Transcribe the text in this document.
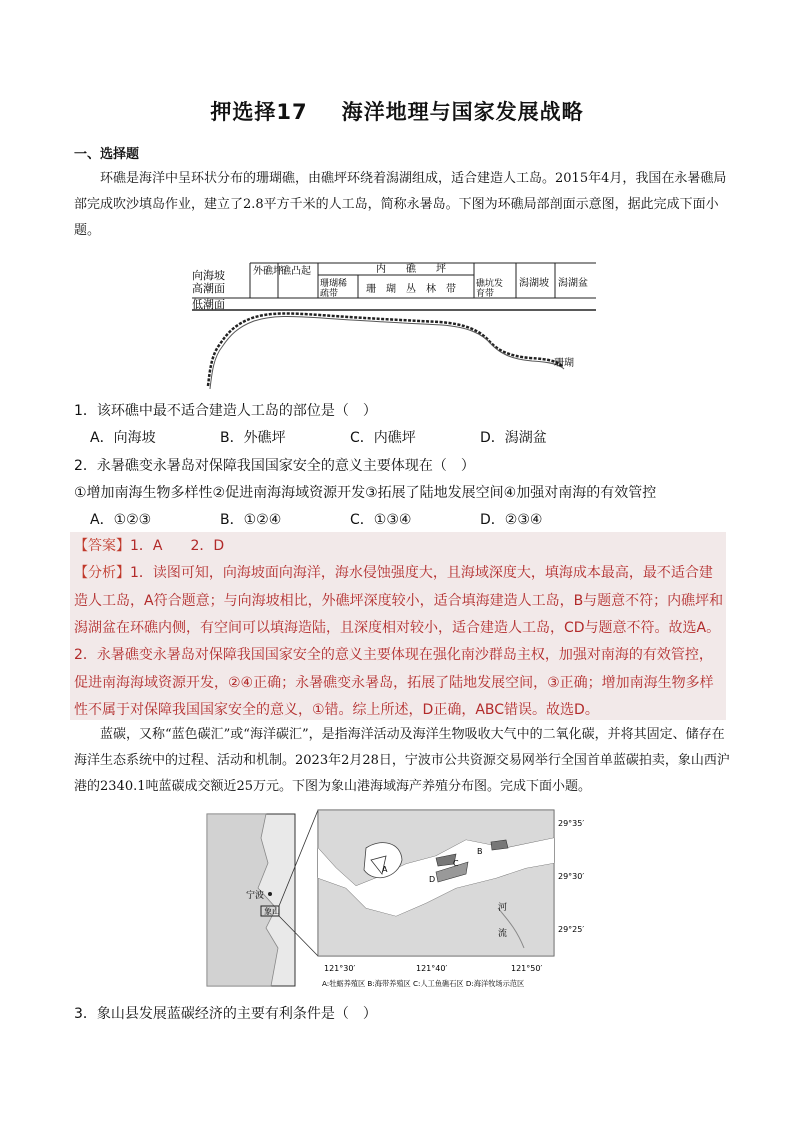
押选择17 海洋地理与国家发展战略
一、选择题
环礁是海洋中呈环状分布的珊瑚礁，由礁坪环绕着潟湖组成，适合建造人工岛。2015年4月，我国在永暑礁局部完成吹沙填岛作业，建立了2.8平方千米的人工岛，简称永暑岛。下图为环礁局部剖面示意图，据此完成下面小题。
向海坡
高潮面
低潮面
外礁坪
礁凸起	内　　礁　　坪
珊瑚稀疏带	珊　瑚　丛　林　带 礁坑发育带
潟湖坡 潟湖盆
珊瑚
1．该环礁中最不适合建造人工岛的部位是（　）
A．向海坡	B．外礁坪	C．内礁坪	D．潟湖盆
2．永暑礁变永暑岛对保障我国国家安全的意义主要体现在（　）
①增加南海生物多样性②促进南海海域资源开发③拓展了陆地发展空间④加强对南海的有效管控
A．①②③	B．①②④	C．①③④	D．②③④
【答案】1．A　　2．D
【分析】1．读图可知，向海坡面向海洋，海水侵蚀强度大，且海域深度大，填海成本最高，最不适合建造人工岛，A符合题意；与向海坡相比，外礁坪深度较小，适合填海建造人工岛，B与题意不符；内礁坪和潟湖盆在环礁内侧，有空间可以填海造陆，且深度相对较小，适合建造人工岛，CD与题意不符。故选A。
2．永暑礁变永暑岛对保障我国国家安全的意义主要体现在强化南沙群岛主权，加强对南海的有效管控，促进南海海域资源开发，②④正确；永暑礁变永暑岛，拓展了陆地发展空间，③正确；增加南海生物多样性不属于对保障我国国家安全的意义，①错。综上所述，D正确，ABC错误。故选D。
蓝碳，又称“蓝色碳汇”或“海洋碳汇”，是指海洋活动及海洋生物吸收大气中的二氧化碳，并将其固定、储存在海洋生态系统中的过程、活动和机制。2023年2月28日，宁波市公共资源交易网举行全国首单蓝碳拍卖，象山西沪港的2340.1吨蓝碳成交额近25万元。下图为象山港海域海产养殖分布图。完成下面小题。
宁波
象山
A
B
C
D
河
流
29°35′
29°30′
29°25′
121°30′	121°40′	121°50′
A:牡蛎养殖区 B:海带养殖区 C:人工鱼礁石区 D:海洋牧场示范区
3．象山县发展蓝碳经济的主要有利条件是（　）
